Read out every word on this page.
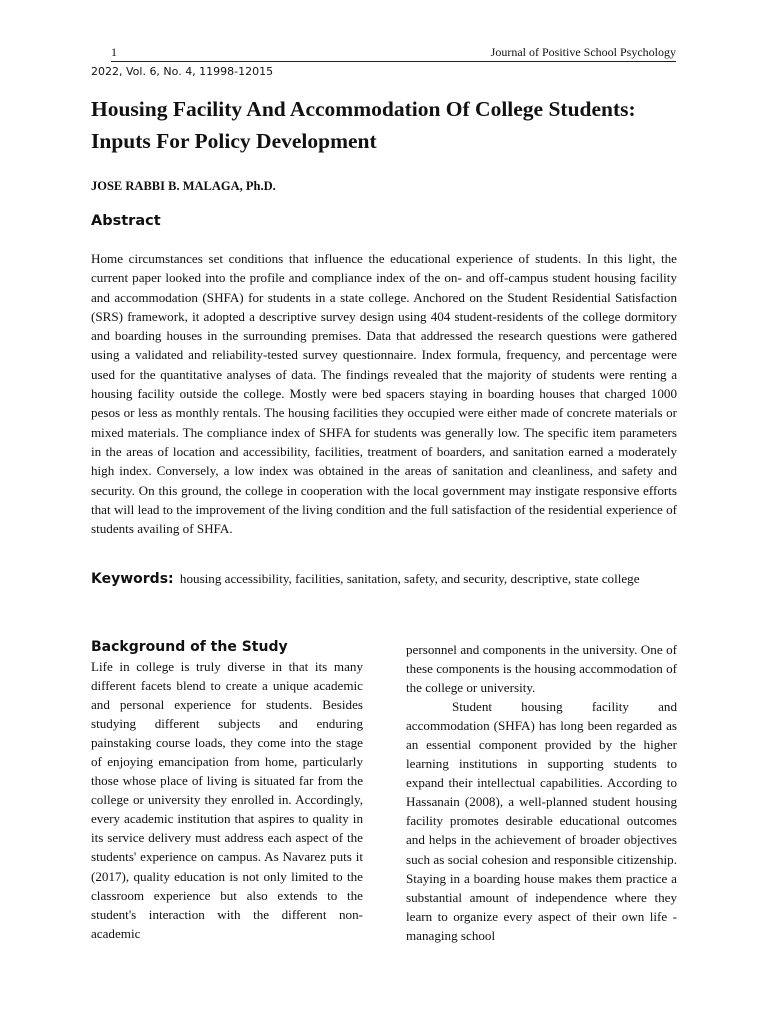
1	Journal of Positive School Psychology
2022, Vol. 6, No. 4, 11998-12015
Housing Facility And Accommodation Of College Students: Inputs For Policy Development
JOSE RABBI B. MALAGA, Ph.D.
Abstract

Home circumstances set conditions that influence the educational experience of students. In this light, the current paper looked into the profile and compliance index of the on- and off-campus student housing facility and accommodation (SHFA) for students in a state college. Anchored on the Student Residential Satisfaction (SRS) framework, it adopted a descriptive survey design using 404 student-residents of the college dormitory and boarding houses in the surrounding premises. Data that addressed the research questions were gathered using a validated and reliability-tested survey questionnaire. Index formula, frequency, and percentage were used for the quantitative analyses of data. The findings revealed that the majority of students were renting a housing facility outside the college. Mostly were bed spacers staying in boarding houses that charged 1000 pesos or less as monthly rentals. The housing facilities they occupied were either made of concrete materials or mixed materials. The compliance index of SHFA for students was generally low. The specific item parameters in the areas of location and accessibility, facilities, treatment of boarders, and sanitation earned a moderately high index. Conversely, a low index was obtained in the areas of sanitation and cleanliness, and safety and security. On this ground, the college in cooperation with the local government may instigate responsive efforts that will lead to the improvement of the living condition and the full satisfaction of the residential experience of students availing of SHFA.

Keywords: housing accessibility, facilities, sanitation, safety, and security, descriptive, state college

Background of the Study

Life in college is truly diverse in that its many different facets blend to create a unique academic and personal experience for students. Besides studying different subjects and enduring painstaking course loads, they come into the stage of enjoying emancipation from home, particularly those whose place of living is situated far from the college or university they enrolled in. Accordingly, every academic institution that aspires to quality in its service delivery must address each aspect of the students' experience on campus. As Navarez puts it (2017), quality education is not only limited to the classroom experience but also extends to the student's interaction with the different non-academic

personnel and components in the university. One of these components is the housing accommodation of the college or university.

Student housing facility and accommodation (SHFA) has long been regarded as an essential component provided by the higher learning institutions in supporting students to expand their intellectual capabilities. According to Hassanain (2008), a well-planned student housing facility promotes desirable educational outcomes and helps in the achievement of broader objectives such as social cohesion and responsible citizenship. Staying in a boarding house makes them practice a substantial amount of independence where they learn to organize every aspect of their own life - managing school
